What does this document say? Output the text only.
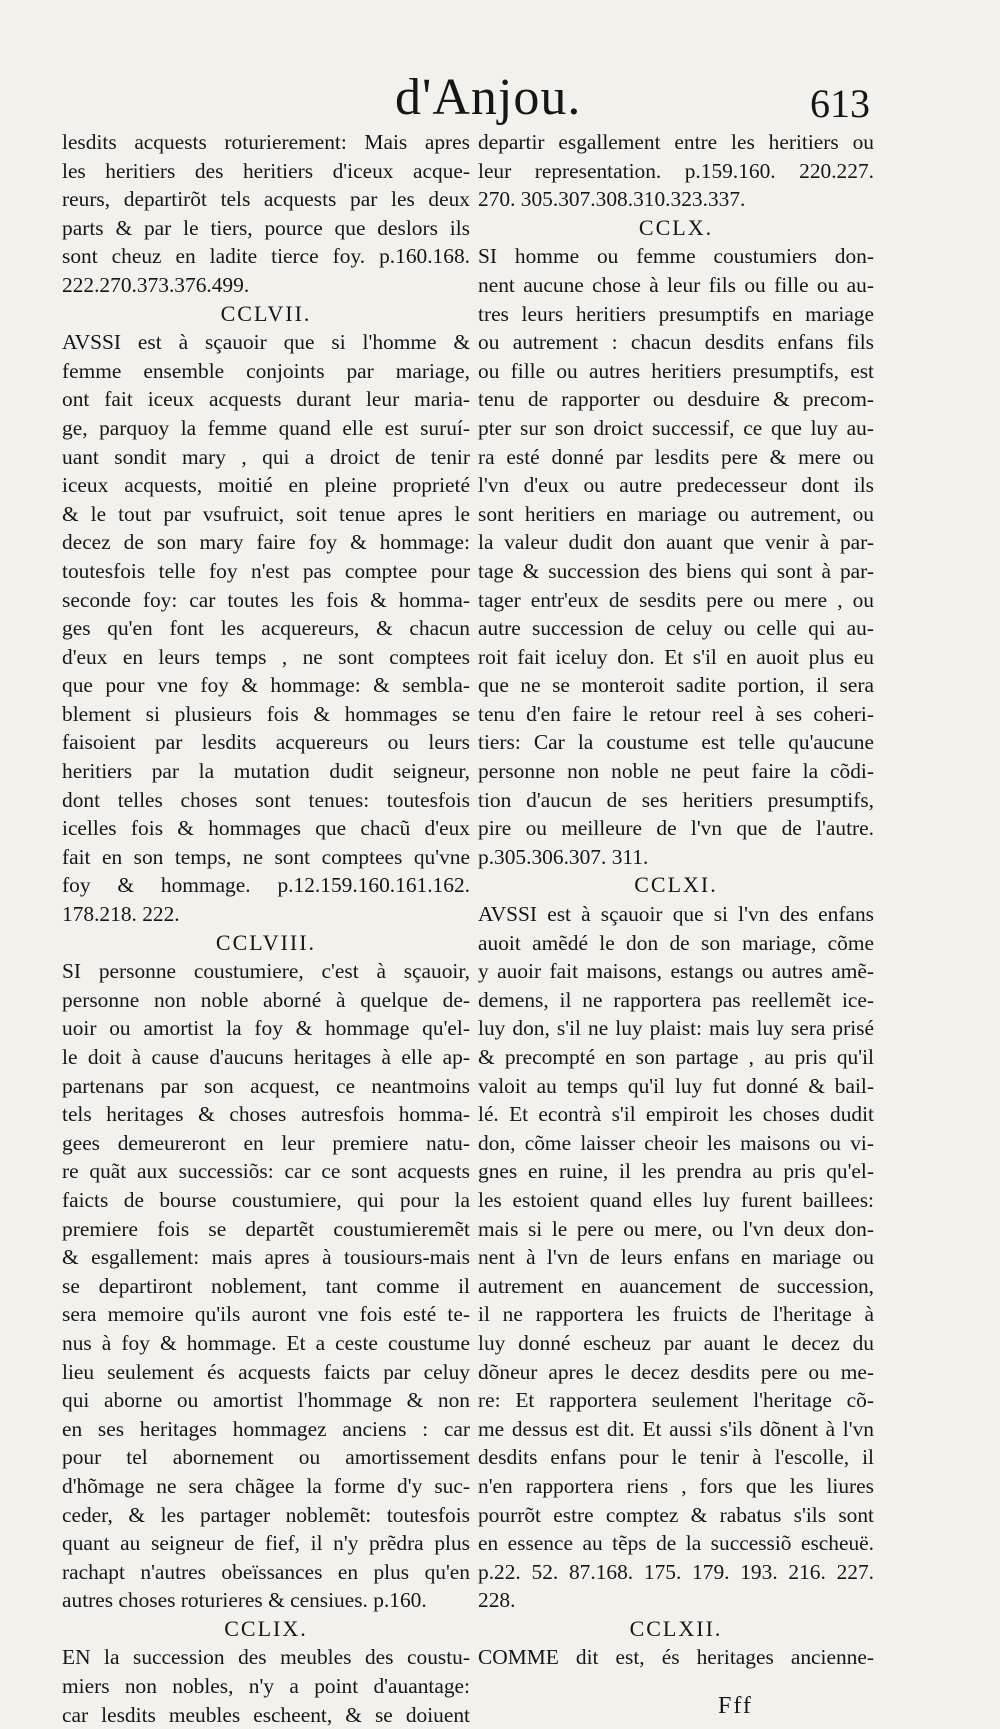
d'Anjou.	613
lesdits acquests roturierement: Mais apres
les heritiers des heritiers d'iceux acque-
reurs, departirõt tels acquests par les deux
parts & par le tiers, pource que deslors ils
sont cheuz en ladite tierce foy. p.160.168.
222.270.373.376.499.
CCLVII.
AVSSI est à sçauoir que si l'homme &
femme ensemble conjoints par mariage,
ont fait iceux acquests durant leur maria-
ge, parquoy la femme quand elle est suruí-
uant sondit mary , qui a droict de tenir
iceux acquests, moitié en pleine proprieté
& le tout par vsufruict, soit tenue apres le
decez de son mary faire foy & hommage:
toutesfois telle foy n'est pas comptee pour
seconde foy: car toutes les fois & homma-
ges qu'en font les acquereurs, & chacun
d'eux en leurs temps , ne sont comptees
que pour vne foy & hommage: & sembla-
blement si plusieurs fois & hommages se
faisoient par lesdits acquereurs ou leurs
heritiers par la mutation dudit seigneur,
dont telles choses sont tenues: toutesfois
icelles fois & hommages que chacũ d'eux
fait en son temps, ne sont comptees qu'vne
foy & hommage. p.12.159.160.161.162.
178.218. 222.
CCLVIII.
SI personne coustumiere, c'est à sçauoir,
personne non noble aborné à quelque de-
uoir ou amortist la foy & hommage qu'el-
le doit à cause d'aucuns heritages à elle ap-
partenans par son acquest, ce neantmoins
tels heritages & choses autresfois homma-
gees demeureront en leur premiere natu-
re quãt aux successiõs: car ce sont acquests
faicts de bourse coustumiere, qui pour la
premiere fois se departẽt coustumieremẽt
& esgallement: mais apres à tousiours-mais
se departiront noblement, tant comme il
sera memoire qu'ils auront vne fois esté te-
nus à foy & hommage. Et a ceste coustume
lieu seulement és acquests faicts par celuy
qui aborne ou amortist l'hommage & non
en ses heritages hommagez anciens : car
pour tel abornement ou amortissement
d'hõmage ne sera chãgee la forme d'y suc-
ceder, & les partager noblemẽt: toutesfois
quant au seigneur de fief, il n'y prẽdra plus
rachapt n'autres obeïssances en plus qu'en
autres choses roturieres & censiues. p.160.
CCLIX.
EN la succession des meubles des coustu-
miers non nobles, n'y a point d'auantage:
car lesdits meubles escheent, & se doiuent
departir esgallement entre les heritiers ou
leur representation. p.159.160. 220.227.
270. 305.307.308.310.323.337.
CCLX.
SI homme ou femme coustumiers don-
nent aucune chose à leur fils ou fille ou au-
tres leurs heritiers presumptifs en mariage
ou autrement : chacun desdits enfans fils
ou fille ou autres heritiers presumptifs, est
tenu de rapporter ou desduire & precom-
pter sur son droict successif, ce que luy au-
ra esté donné par lesdits pere & mere ou
l'vn d'eux ou autre predecesseur dont ils
sont heritiers en mariage ou autrement, ou
la valeur dudit don auant que venir à par-
tage & succession des biens qui sont à par-
tager entr'eux de sesdits pere ou mere , ou
autre succession de celuy ou celle qui au-
roit fait iceluy don. Et s'il en auoit plus eu
que ne se monteroit sadite portion, il sera
tenu d'en faire le retour reel à ses coheri-
tiers: Car la coustume est telle qu'aucune
personne non noble ne peut faire la cõdi-
tion d'aucun de ses heritiers presumptifs,
pire ou meilleure de l'vn que de l'autre.
p.305.306.307. 311.
CCLXI.
AVSSI est à sçauoir que si l'vn des enfans
auoit amẽdé le don de son mariage, cõme
y auoir fait maisons, estangs ou autres amẽ-
demens, il ne rapportera pas reellemẽt ice-
luy don, s'il ne luy plaist: mais luy sera prisé
& precompté en son partage , au pris qu'il
valoit au temps qu'il luy fut donné & bail-
lé. Et econtrà s'il empiroit les choses dudit
don, cõme laisser cheoir les maisons ou vi-
gnes en ruine, il les prendra au pris qu'el-
les estoient quand elles luy furent baillees:
mais si le pere ou mere, ou l'vn deux don-
nent à l'vn de leurs enfans en mariage ou
autrement en auancement de succession,
il ne rapportera les fruicts de l'heritage à
luy donné escheuz par auant le decez du
dõneur apres le decez desdits pere ou me-
re: Et rapportera seulement l'heritage cõ-
me dessus est dit. Et aussi s'ils dõnent à l'vn
desdits enfans pour le tenir à l'escolle, il
n'en rapportera riens , fors que les liures
pourrõt estre comptez & rabatus s'ils sont
en essence au tẽps de la successiõ escheuë.
p.22. 52. 87.168. 175. 179. 193. 216. 227.
228.
CCLXII.
COMME dit est, és heritages ancienne-
Fff
